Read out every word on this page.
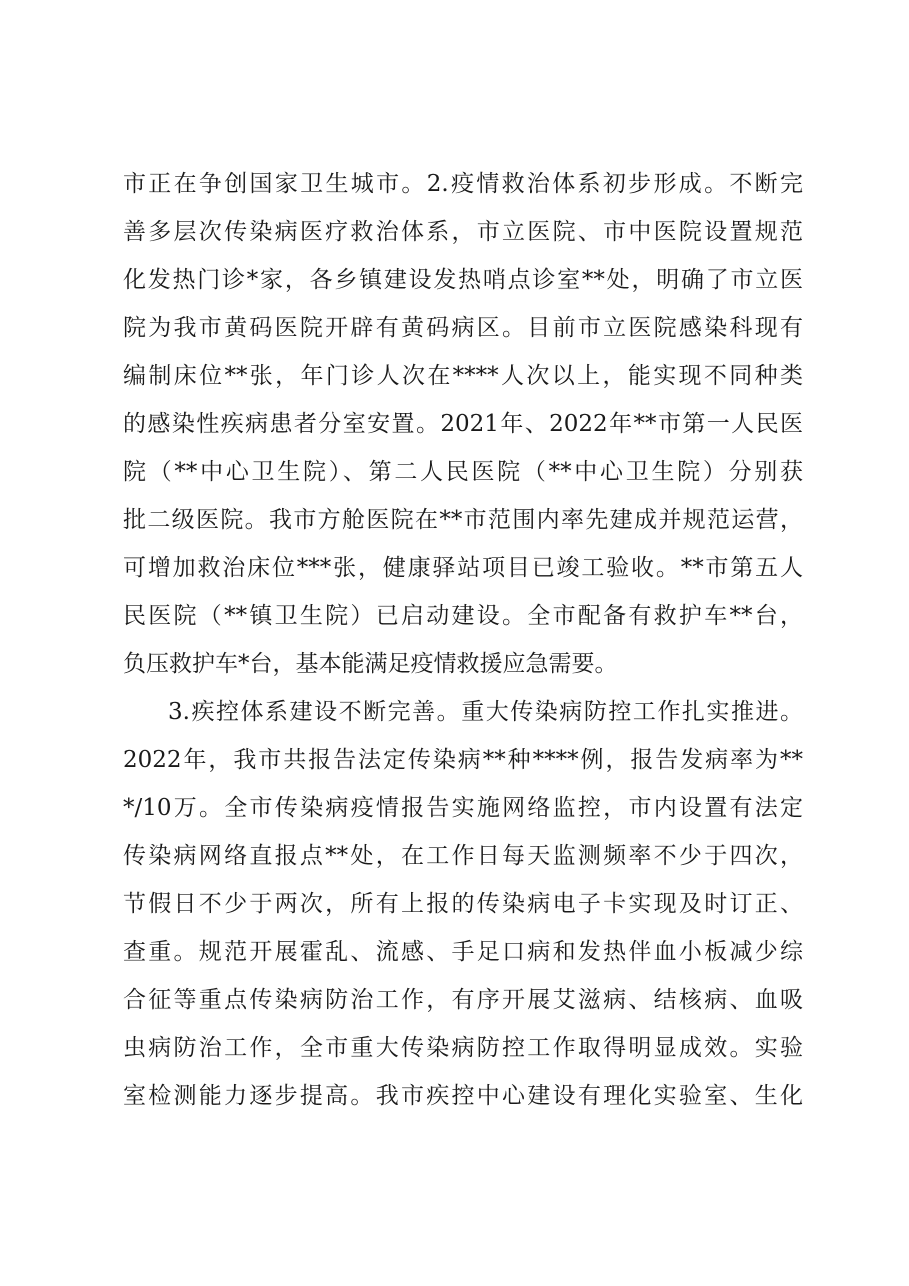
市正在争创国家卫生城市。2.疫情救治体系初步形成。不断完
善多层次传染病医疗救治体系，市立医院、市中医院设置规范
化发热门诊*家，各乡镇建设发热哨点诊室**处，明确了市立医
院为我市黄码医院开辟有黄码病区。目前市立医院感染科现有
编制床位**张，年门诊人次在****人次以上，能实现不同种类
的感染性疾病患者分室安置。2021年、2022年**市第一人民医
院（**中心卫生院）、第二人民医院（**中心卫生院）分别获
批二级医院。我市方舱医院在**市范围内率先建成并规范运营，
可增加救治床位***张，健康驿站项目已竣工验收。**市第五人
民医院（**镇卫生院）已启动建设。全市配备有救护车**台，
负压救护车*台，基本能满足疫情救援应急需要。
3.疾控体系建设不断完善。重大传染病防控工作扎实推进。
2022年，我市共报告法定传染病**种****例，报告发病率为**
*/10万。全市传染病疫情报告实施网络监控，市内设置有法定
传染病网络直报点**处，在工作日每天监测频率不少于四次，
节假日不少于两次，所有上报的传染病电子卡实现及时订正、
查重。规范开展霍乱、流感、手足口病和发热伴血小板减少综
合征等重点传染病防治工作，有序开展艾滋病、结核病、血吸
虫病防治工作，全市重大传染病防控工作取得明显成效。实验
室检测能力逐步提高。我市疾控中心建设有理化实验室、生化
